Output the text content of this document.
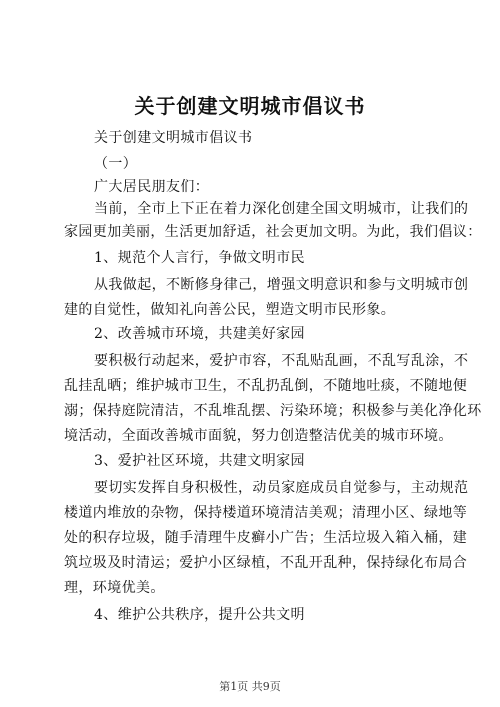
关于创建文明城市倡议书
关于创建文明城市倡议书
（一）
广大居民朋友们：
当前，全市上下正在着力深化创建全国文明城市，让我们的
家园更加美丽，生活更加舒适，社会更加文明。为此，我们倡议：
1、规范个人言行，争做文明市民
从我做起，不断修身律己，增强文明意识和参与文明城市创
建的自觉性，做知礼向善公民，塑造文明市民形象。
2、改善城市环境，共建美好家园
要积极行动起来，爱护市容，不乱贴乱画，不乱写乱涂，不
乱挂乱晒；维护城市卫生，不乱扔乱倒，不随地吐痰，不随地便
溺；保持庭院清洁，不乱堆乱摆、污染环境；积极参与美化净化环
境活动，全面改善城市面貌，努力创造整洁优美的城市环境。
3、爱护社区环境，共建文明家园
要切实发挥自身积极性，动员家庭成员自觉参与，主动规范
楼道内堆放的杂物，保持楼道环境清洁美观；清理小区、绿地等
处的积存垃圾，随手清理牛皮癣小广告；生活垃圾入箱入桶，建
筑垃圾及时清运；爱护小区绿植，不乱开乱种，保持绿化布局合
理，环境优美。
4、维护公共秩序，提升公共文明
第1页 共9页
